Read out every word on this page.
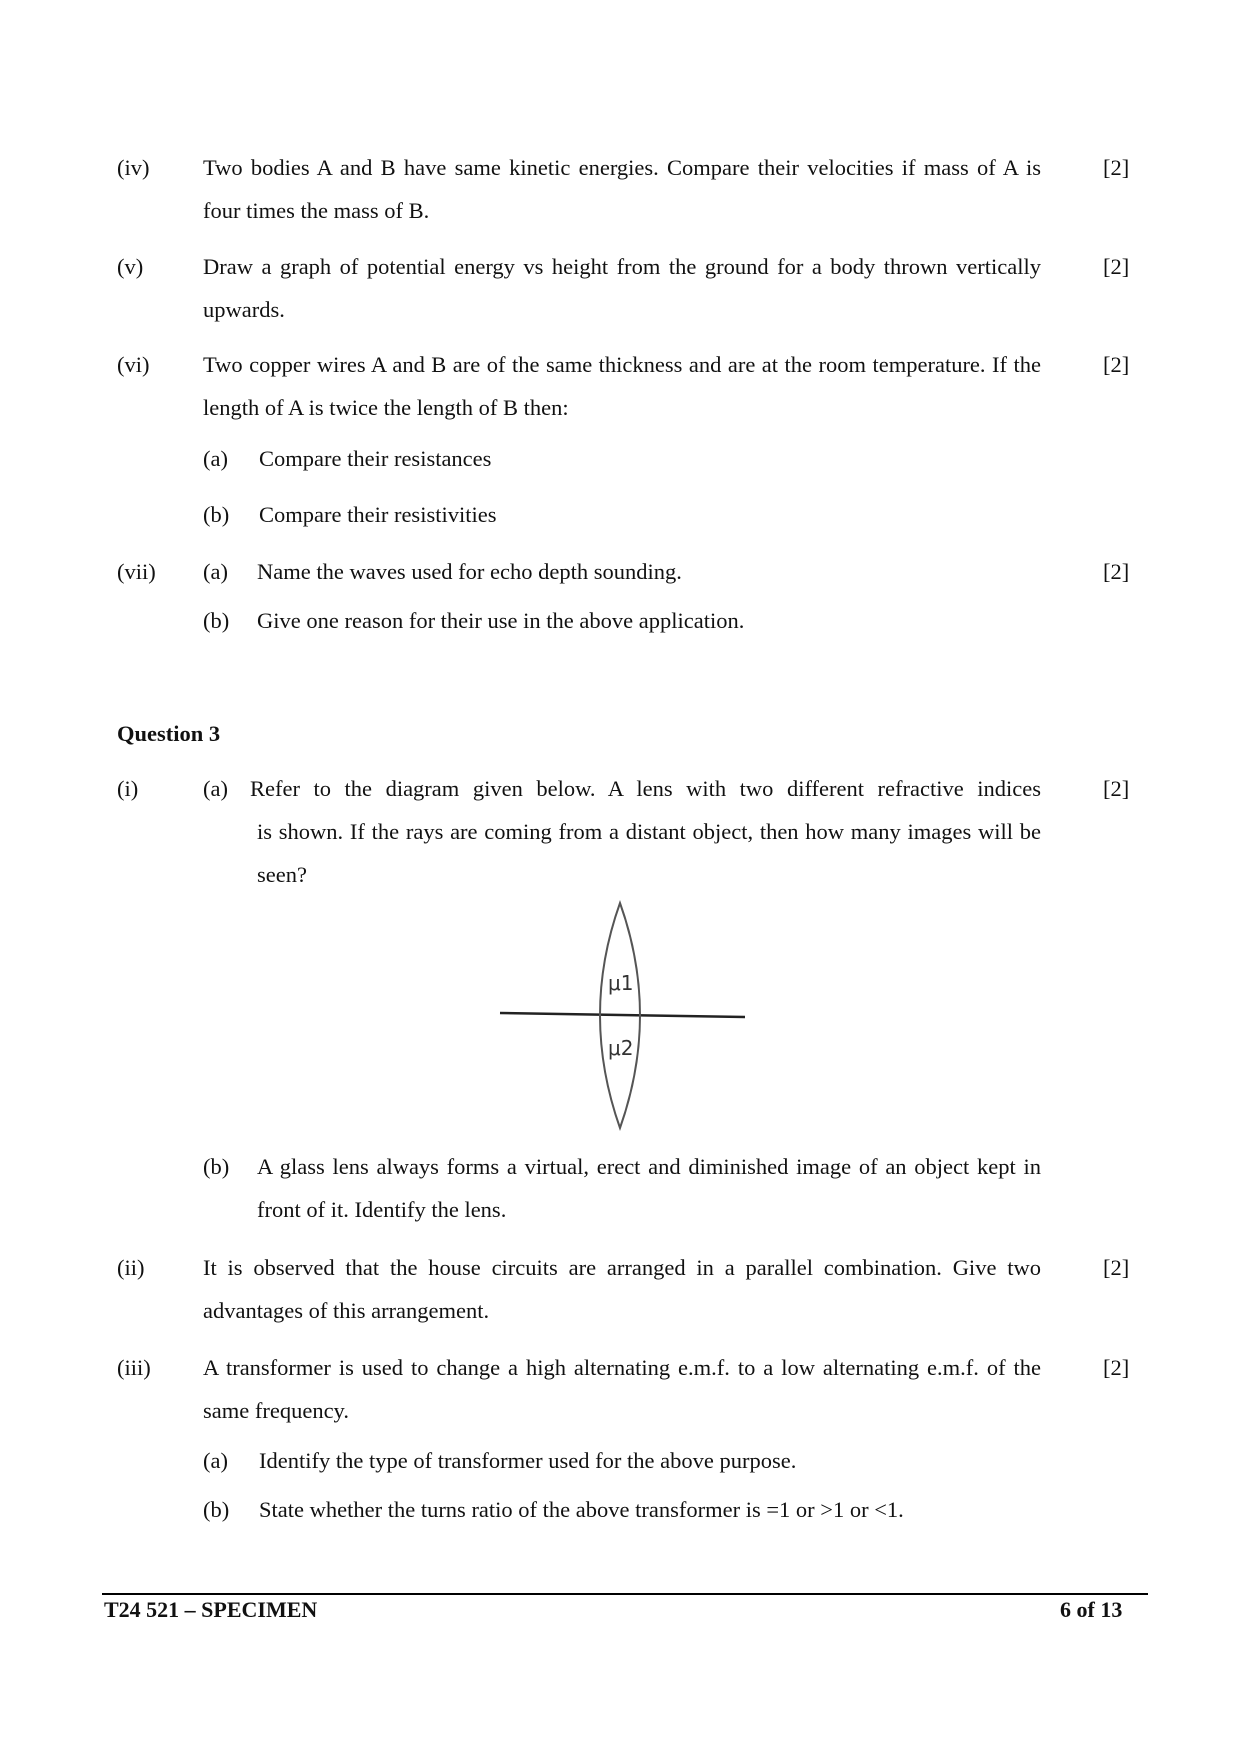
(iv) Two bodies A and B have same kinetic energies. Compare their velocities if mass of A is four times the mass of B.
[2]
(v)	Draw a graph of potential energy vs height from the ground for a body thrown vertically upwards.
[2]
(vi) Two copper wires A and B are of the same thickness and are at the room temperature. If the length of A is twice the length of B then:
[2]
(a) Compare their resistances
(b) Compare their resistivities
(vii) (a) Name the waves used for echo depth sounding.	[2]
(b) Give one reason for their use in the above application.
Question 3
(i)	(a) Refer to the diagram given below. A lens with two different refractive indices
is shown. If the rays are coming from a distant object, then how many images will be seen?
[2]
μ1
μ2
(b) A glass lens always forms a virtual, erect and diminished image of an object kept in front of it. Identify the lens.
(ii)	It is observed that the house circuits are arranged in a parallel combination. Give two advantages of this arrangement.
[2]
(iii) A transformer is used to change a high alternating e.m.f. to a low alternating e.m.f. of the same frequency.
[2]
(a) Identify the type of transformer used for the above purpose.
(b) State whether the turns ratio of the above transformer is =1 or >1 or <1.
T24 521 – SPECIMEN	6 of 13
